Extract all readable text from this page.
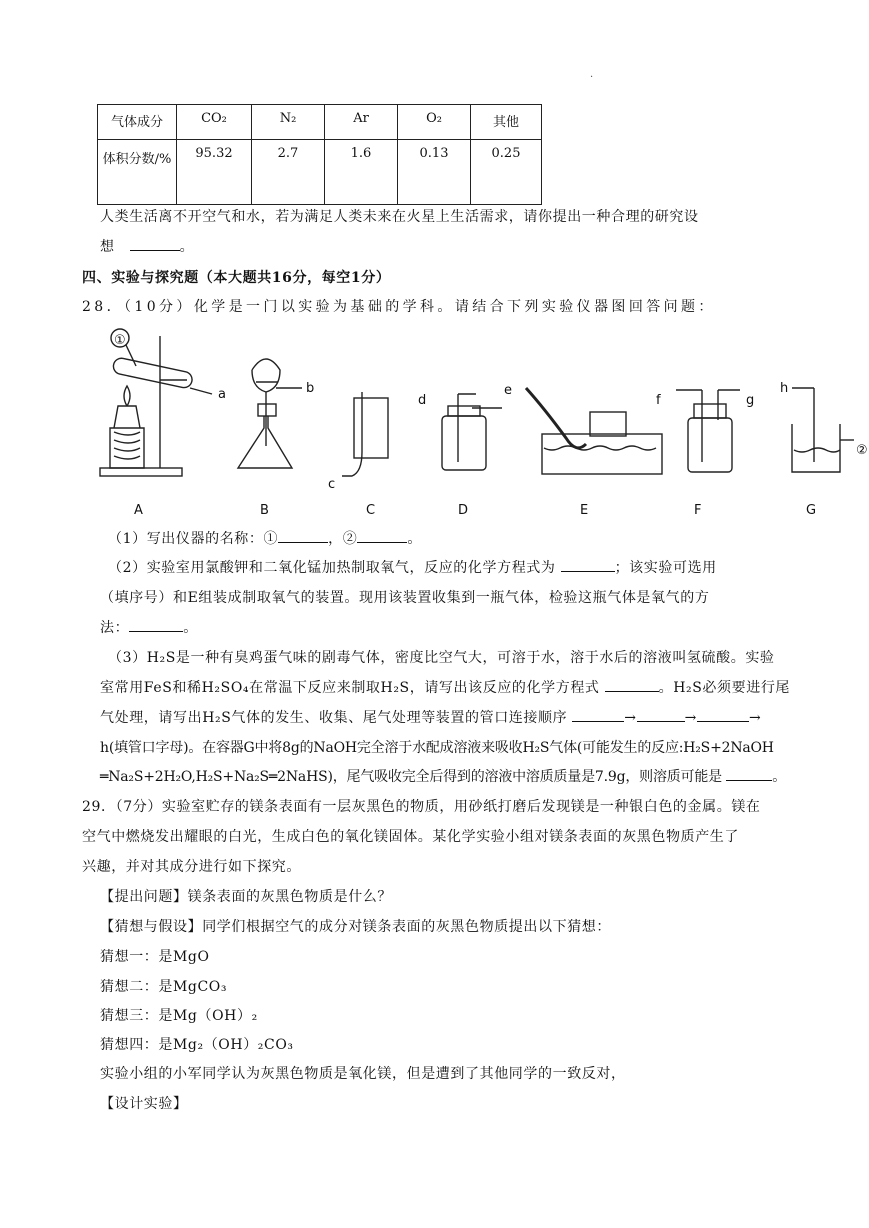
·
气体成分	CO₂	N₂	Ar	O₂	其他
体积分数/%	95.32	2.7	1.6	0.13	0.25
人类生活离不开空气和水，若为满足人类未来在火星上生活需求，请你提出一种合理的研究设
想	。
四、实验与探究题（本大题共16分，每空1分）
28．（10分）化学是一门以实验为基础的学科。请结合下列实验仪器图回答问题：
①
②
a	b
c
d
e
f	g
h
A	B	C	D	E	F	G
（1）写出仪器的名称：①	，②	。
（2）实验室用氯酸钾和二氧化锰加热制取氧气，反应的化学方程式为	；该实验可选用
（填序号）和E组装成制取氧气的装置。现用该装置收集到一瓶气体，检验这瓶气体是氧气的方
法：	。
（3）H₂S是一种有臭鸡蛋气味的剧毒气体，密度比空气大，可溶于水，溶于水后的溶液叫氢硫酸。实验
室常用FeS和稀H₂SO₄在常温下反应来制取H₂S，请写出该反应的化学方程式	。H₂S必须要进行尾
气处理，请写出H₂S气体的发生、收集、尾气处理等装置的管口连接顺序	→	→	→
h(填管口字母)。在容器G中将8g的NaOH完全溶于水配成溶液来吸收H₂S气体(可能发生的反应:H₂S+2NaOH
═Na₂S+2H₂O,H₂S+Na₂S═2NaHS)，尾气吸收完全后得到的溶液中溶质质量是7.9g，则溶质可能是	。
29．（7分）实验室贮存的镁条表面有一层灰黑色的物质，用砂纸打磨后发现镁是一种银白色的金属。镁在
空气中燃烧发出耀眼的白光，生成白色的氧化镁固体。某化学实验小组对镁条表面的灰黑色物质产生了
兴趣，并对其成分进行如下探究。
【提出问题】镁条表面的灰黑色物质是什么？
【猜想与假设】同学们根据空气的成分对镁条表面的灰黑色物质提出以下猜想：
猜想一：是MgO
猜想二：是MgCO₃
猜想三：是Mg（OH）₂
猜想四：是Mg₂（OH）₂CO₃
实验小组的小军同学认为灰黑色物质是氧化镁，但是遭到了其他同学的一致反对，
【设计实验】
